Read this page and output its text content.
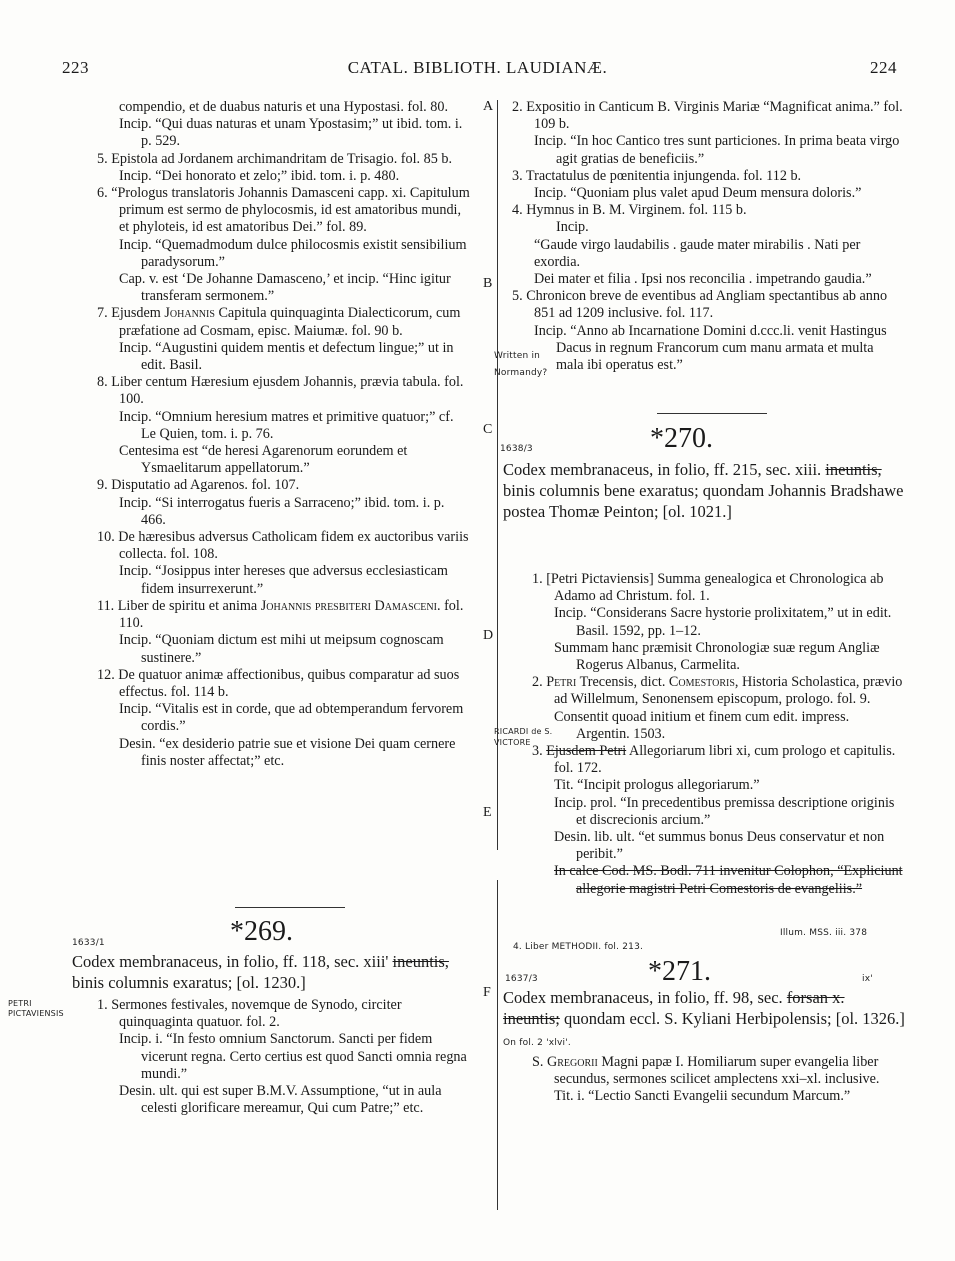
223	CATAL. BIBLIOTH. LAUDIANÆ.	224
A
B
C
D
E
F

compendio, et de duabus naturis et una Hypostasi. fol. 80.

Incip. “Qui duas naturas et unam Ypostasim;” ut ibid. tom. i. p. 529.

5. Epistola ad Jordanem archimandritam de Trisagio. fol. 85 b.

Incip. “Dei honorato et zelo;” ibid. tom. i. p. 480.

6. “Prologus translatoris Johannis Damasceni capp. xi. Capitulum primum est sermo de phylocosmis, id est amatoribus mundi, et phyloteis, id est amatoribus Dei.” fol. 89.

Incip. “Quemadmodum dulce philocosmis existit sensibilium paradysorum.”

Cap. v. est ‘De Johanne Damasceno,’ et incip. “Hinc igitur transferam sermonem.”

7. Ejusdem Johannis Capitula quinquaginta Dialecticorum, cum præfatione ad Cosmam, episc. Maiumæ. fol. 90 b.

Incip. “Augustini quidem mentis et defectum lingue;” ut in edit. Basil.

8. Liber centum Hæresium ejusdem Johannis, prævia tabula. fol. 100.

Incip. “Omnium heresium matres et primitive quatuor;” cf. Le Quien, tom. i. p. 76.

Centesima est “de heresi Agarenorum eorundem et Ysmaelitarum appellatorum.”

9. Disputatio ad Agarenos. fol. 107.

Incip. “Si interrogatus fueris a Sarraceno;” ibid. tom. i. p. 466.

10. De hæresibus adversus Catholicam fidem ex auctoribus variis collecta. fol. 108.

Incip. “Josippus inter hereses que adversus ecclesiasticam fidem insurrexerunt.”

11. Liber de spiritu et anima Johannis presbiteri Damasceni. fol. 110.

Incip. “Quoniam dictum est mihi ut meipsum cognoscam sustinere.”

12. De quatuor animæ affectionibus, quibus comparatur ad suos effectus. fol. 114 b.

Incip. “Vitalis est in corde, que ad obtemperandum fervorem cordis.”

Desin. “ex desiderio patrie sue et visione Dei quam cernere finis noster affectat;” etc.

1633/1	*269.
Codex membranaceus, in folio, ff. 118, sec. xiii' ineuntis, binis columnis exaratus; [ol. 1230.]
PETRI PICTAVIENSIS

1. Sermones festivales, novemque de Synodo, circiter quinquaginta quatuor. fol. 2.

Incip. i. “In festo omnium Sanctorum. Sancti per fidem vicerunt regna. Certo certius est quod Sancti omnia regna mundi.”

Desin. ult. qui est super B.M.V. Assumptione, “ut in aula celesti glorificare mereamur, Qui cum Patre;” etc.

2. Expositio in Canticum B. Virginis Mariæ “Magnificat anima.” fol. 109 b.

Incip. “In hoc Cantico tres sunt particiones. In prima beata virgo agit gratias de beneficiis.”

3. Tractatulus de pœnitentia injungenda. fol. 112 b.

Incip. “Quoniam plus valet apud Deum mensura doloris.”

4. Hymnus in B. M. Virginem. fol. 115 b.

Incip.

“Gaude virgo laudabilis . gaude mater mirabilis . Nati per exordia.

Dei mater et filia . Ipsi nos reconcilia . impetrando gaudia.”

5. Chronicon breve de eventibus ad Angliam spectantibus ab anno 851 ad 1209 inclusive. fol. 117.

Incip. “Anno ab Incarnatione Domini d.ccc.li. venit Hastingus Dacus in regnum Francorum cum manu armata et multa mala ibi operatus est.”

Written in
Normandy?
1638/3	*270.
Codex membranaceus, in folio, ff. 215, sec. xiii. ineuntis, binis columnis bene exaratus; quondam Johannis Bradshawe postea Thomæ Peinton; [ol. 1021.]

1. [Petri Pictaviensis] Summa genealogica et Chronologica ab Adamo ad Christum. fol. 1.

Incip. “Considerans Sacre hystorie prolixitatem,” ut in edit. Basil. 1592, pp. 1–12.

Summam hanc præmisit Chronologiæ suæ regum Angliæ Rogerus Albanus, Carmelita.

2. Petri Trecensis, dict. Comestoris, Historia Scholastica, prævio ad Willelmum, Senonensem episcopum, prologo. fol. 9.

Consentit quoad initium et finem cum edit. impress. Argentin. 1503.

3. Ejusdem Petri Allegoriarum libri xi, cum prologo et capitulis. fol. 172.

Tit. “Incipit prologus allegoriarum.”

Incip. prol. “In precedentibus premissa descriptione originis et discrecionis arcium.”

Desin. lib. ult. “et summus bonus Deus conservatur et non peribit.”

In calce Cod. MS. Bodl. 711 invenitur Colophon, “Expliciunt allegorie magistri Petri Comestoris de evangeliis.”

RICARDI de S. VICTORE
Illum. MSS. iii. 378
4. Liber METHODII. fol. 213.
1637/3	*271.	ix'
Codex membranaceus, in folio, ff. 98, sec. forsan x. ineuntis; quondam eccl. S. Kyliani Herbipolensis; [ol. 1326.] On fol. 2 'xlvi'.

S. Gregorii Magni papæ I. Homiliarum super evangelia liber secundus, sermones scilicet amplectens xxi–xl. inclusive.

Tit. i. “Lectio Sancti Evangelii secundum Marcum.”
